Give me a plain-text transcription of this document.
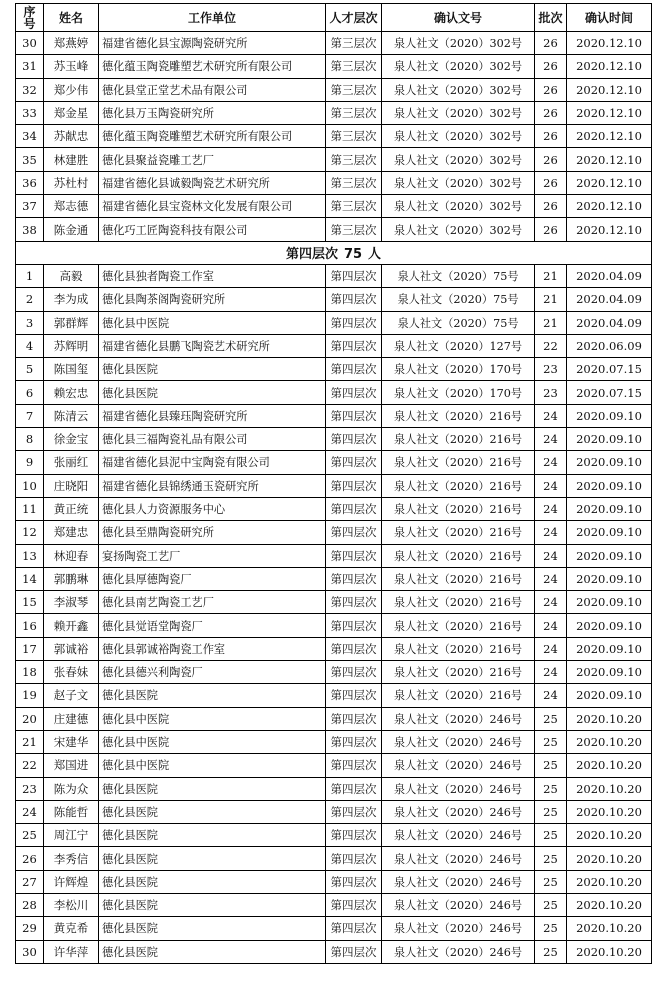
序号	姓名	工作单位	人才层次	确认文号	批次	确认时间
30	郑燕婷	福建省德化县宝源陶瓷研究所	第三层次	泉人社文（2020）302号	26	2020.12.10
31	苏玉峰	德化蕴玉陶瓷雕塑艺术研究所有限公司	第三层次	泉人社文（2020）302号	26	2020.12.10
32	郑少伟	德化县堂正堂艺术品有限公司	第三层次	泉人社文（2020）302号	26	2020.12.10
33	郑金星	德化县万玉陶瓷研究所	第三层次	泉人社文（2020）302号	26	2020.12.10
34	苏献忠	德化蕴玉陶瓷雕塑艺术研究所有限公司	第三层次	泉人社文（2020）302号	26	2020.12.10
35	林建胜	德化县聚益瓷雕工艺厂	第三层次	泉人社文（2020）302号	26	2020.12.10
36	苏杜村	福建省德化县诚毅陶瓷艺术研究所	第三层次	泉人社文（2020）302号	26	2020.12.10
37	郑志德	福建省德化县宝瓷林文化发展有限公司	第三层次	泉人社文（2020）302号	26	2020.12.10
38	陈金通	德化巧工匠陶瓷科技有限公司	第三层次	泉人社文（2020）302号	26	2020.12.10
第四层次 75 人						
1	高毅	德化县独者陶瓷工作室	第四层次	泉人社文（2020）75号	21	2020.04.09
2	李为成	德化县陶茶阁陶瓷研究所	第四层次	泉人社文（2020）75号	21	2020.04.09
3	郭群辉	德化县中医院	第四层次	泉人社文（2020）75号	21	2020.04.09
4	苏辉明	福建省德化县鹏飞陶瓷艺术研究所	第四层次	泉人社文（2020）127号	22	2020.06.09
5	陈国玺	德化县医院	第四层次	泉人社文（2020）170号	23	2020.07.15
6	赖宏忠	德化县医院	第四层次	泉人社文（2020）170号	23	2020.07.15
7	陈清云	福建省德化县臻珏陶瓷研究所	第四层次	泉人社文（2020）216号	24	2020.09.10
8	徐金宝	德化县三福陶瓷礼品有限公司	第四层次	泉人社文（2020）216号	24	2020.09.10
9	张丽红	福建省德化县泥中宝陶瓷有限公司	第四层次	泉人社文（2020）216号	24	2020.09.10
10	庄晓阳	福建省德化县锦绣通玉瓷研究所	第四层次	泉人社文（2020）216号	24	2020.09.10
11	黄正统	德化县人力资源服务中心	第四层次	泉人社文（2020）216号	24	2020.09.10
12	郑建忠	德化县至鼎陶瓷研究所	第四层次	泉人社文（2020）216号	24	2020.09.10
13	林迎春	宴扬陶瓷工艺厂	第四层次	泉人社文（2020）216号	24	2020.09.10
14	郭鹏琳	德化县厚德陶瓷厂	第四层次	泉人社文（2020）216号	24	2020.09.10
15	李淑琴	德化县南艺陶瓷工艺厂	第四层次	泉人社文（2020）216号	24	2020.09.10
16	赖开鑫	德化县觉语堂陶瓷厂	第四层次	泉人社文（2020）216号	24	2020.09.10
17	郭诚裕	德化县郭诚裕陶瓷工作室	第四层次	泉人社文（2020）216号	24	2020.09.10
18	张春妹	德化县德兴利陶瓷厂	第四层次	泉人社文（2020）216号	24	2020.09.10
19	赵子文	德化县医院	第四层次	泉人社文（2020）216号	24	2020.09.10
20	庄建德	德化县中医院	第四层次	泉人社文（2020）246号	25	2020.10.20
21	宋建华	德化县中医院	第四层次	泉人社文（2020）246号	25	2020.10.20
22	郑国进	德化县中医院	第四层次	泉人社文（2020）246号	25	2020.10.20
23	陈为众	德化县医院	第四层次	泉人社文（2020）246号	25	2020.10.20
24	陈能哲	德化县医院	第四层次	泉人社文（2020）246号	25	2020.10.20
25	周江宁	德化县医院	第四层次	泉人社文（2020）246号	25	2020.10.20
26	李秀信	德化县医院	第四层次	泉人社文（2020）246号	25	2020.10.20
27	许辉煌	德化县医院	第四层次	泉人社文（2020）246号	25	2020.10.20
28	李松川	德化县医院	第四层次	泉人社文（2020）246号	25	2020.10.20
29	黄克希	德化县医院	第四层次	泉人社文（2020）246号	25	2020.10.20
30	许华萍	德化县医院	第四层次	泉人社文（2020）246号	25	2020.10.20
